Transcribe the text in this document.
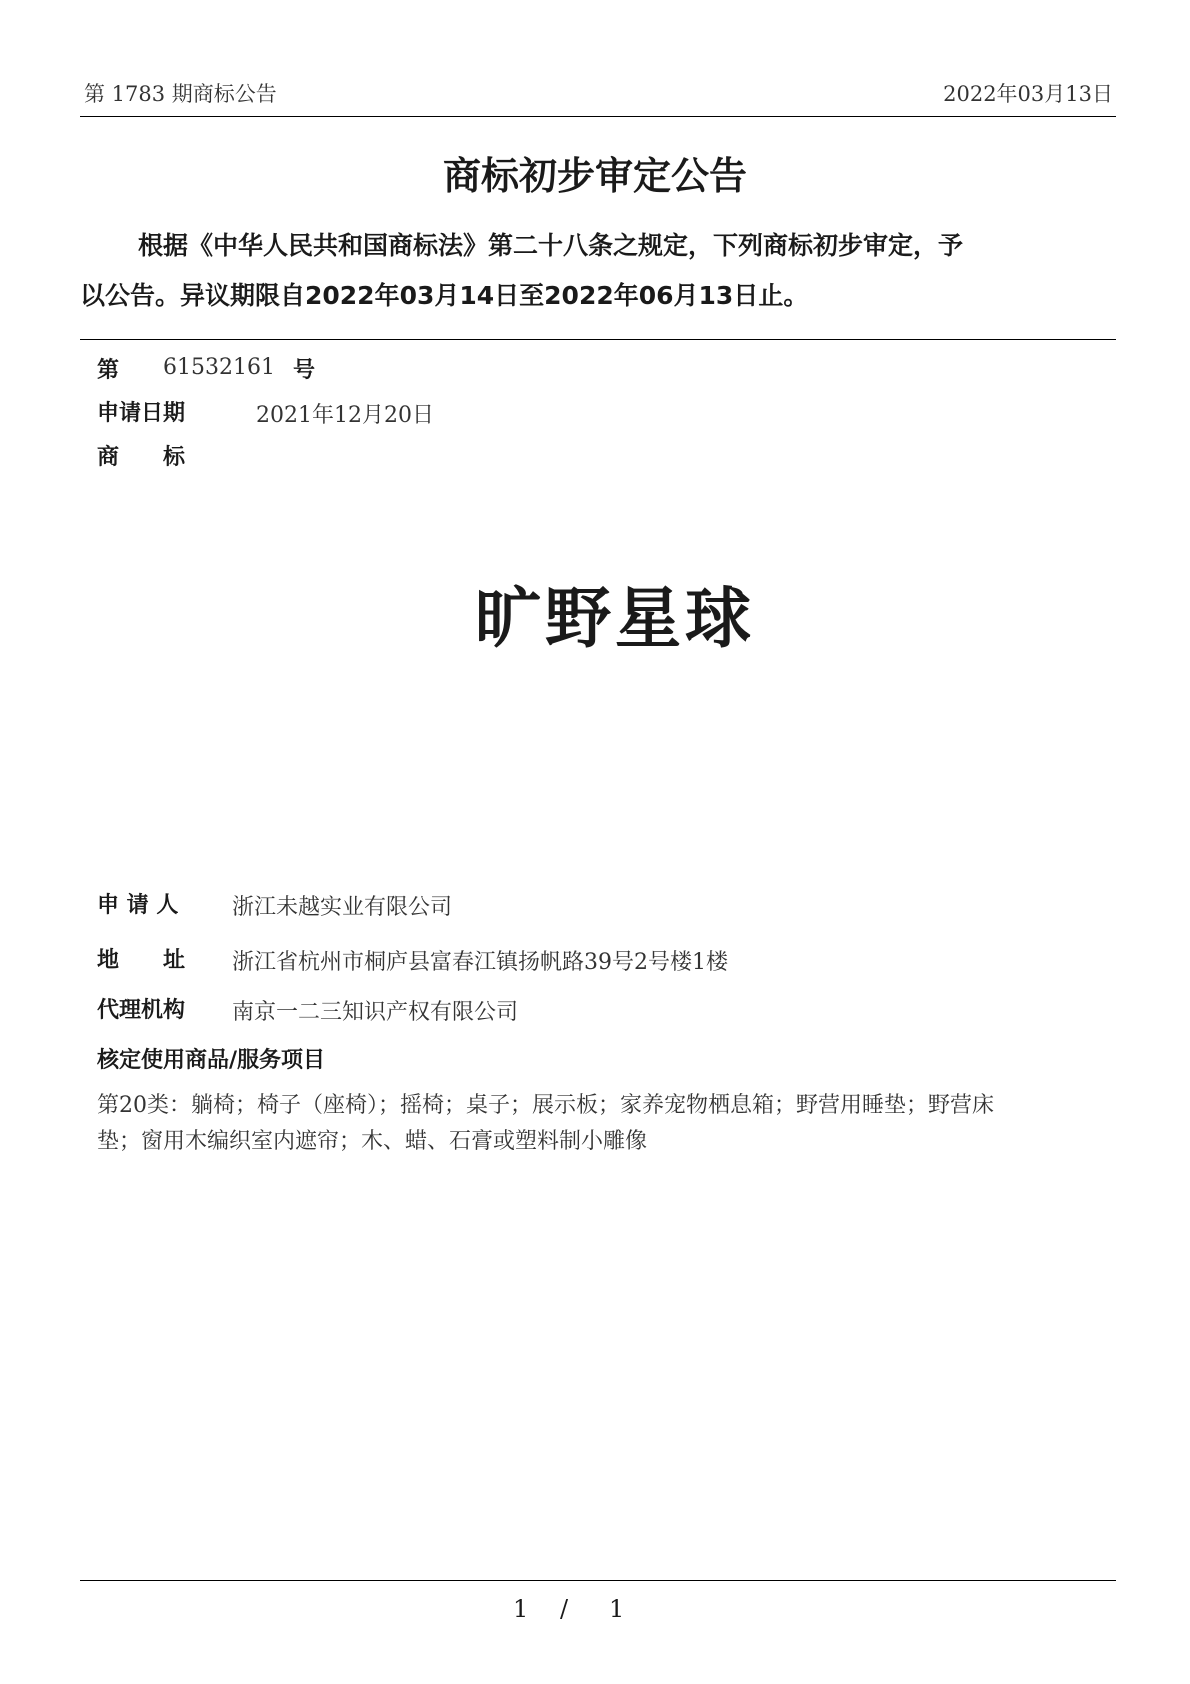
第 1783 期商标公告	2022年03月13日
商标初步审定公告
根据《中华人民共和国商标法》第二十八条之规定，下列商标初步审定，予
以公告。异议期限自2022年03月14日至2022年06月13日止。
第 61532161 号
申请日期	2021年12月20日
商　　标
旷野星球
申 请 人 浙江未越实业有限公司
地　　址 浙江省杭州市桐庐县富春江镇扬帆路39号2号楼1楼
代理机构 南京一二三知识产权有限公司
核定使用商品/服务项目
第20类：躺椅；椅子（座椅）；摇椅；桌子；展示板；家养宠物栖息箱；野营用睡垫；野营床
垫；窗用木编织室内遮帘；木、蜡、石膏或塑料制小雕像
1 / 1
